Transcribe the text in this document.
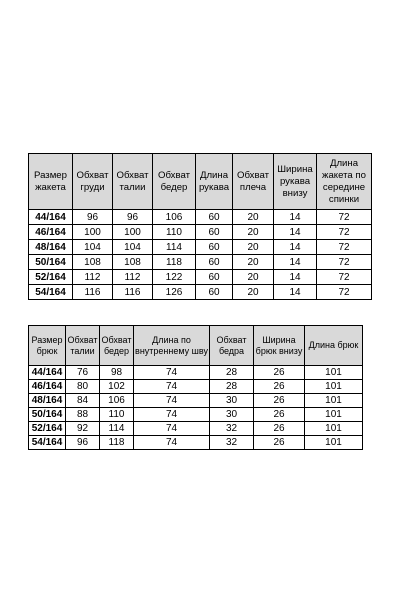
Размер жакета	Обхват груди	Обхват талии	Обхват бедер	Длина рукава	Обхват плеча	Ширина рукава внизу	Длина жакета по середине спинки
44/164	96	96	106	60	20	14	72
46/164	100	100	110	60	20	14	72
48/164	104	104	114	60	20	14	72
50/164	108	108	118	60	20	14	72
52/164	112	112	122	60	20	14	72
54/164	116	116	126	60	20	14	72
Размер брюк	Обхват талии	Обхват бедер	Длина по внутреннему шву	Обхват бедра	Ширина брюк внизу	Длина брюк
44/164	76	98	74	28	26	101
46/164	80	102	74	28	26	101
48/164	84	106	74	30	26	101
50/164	88	110	74	30	26	101
52/164	92	114	74	32	26	101
54/164	96	118	74	32	26	101
